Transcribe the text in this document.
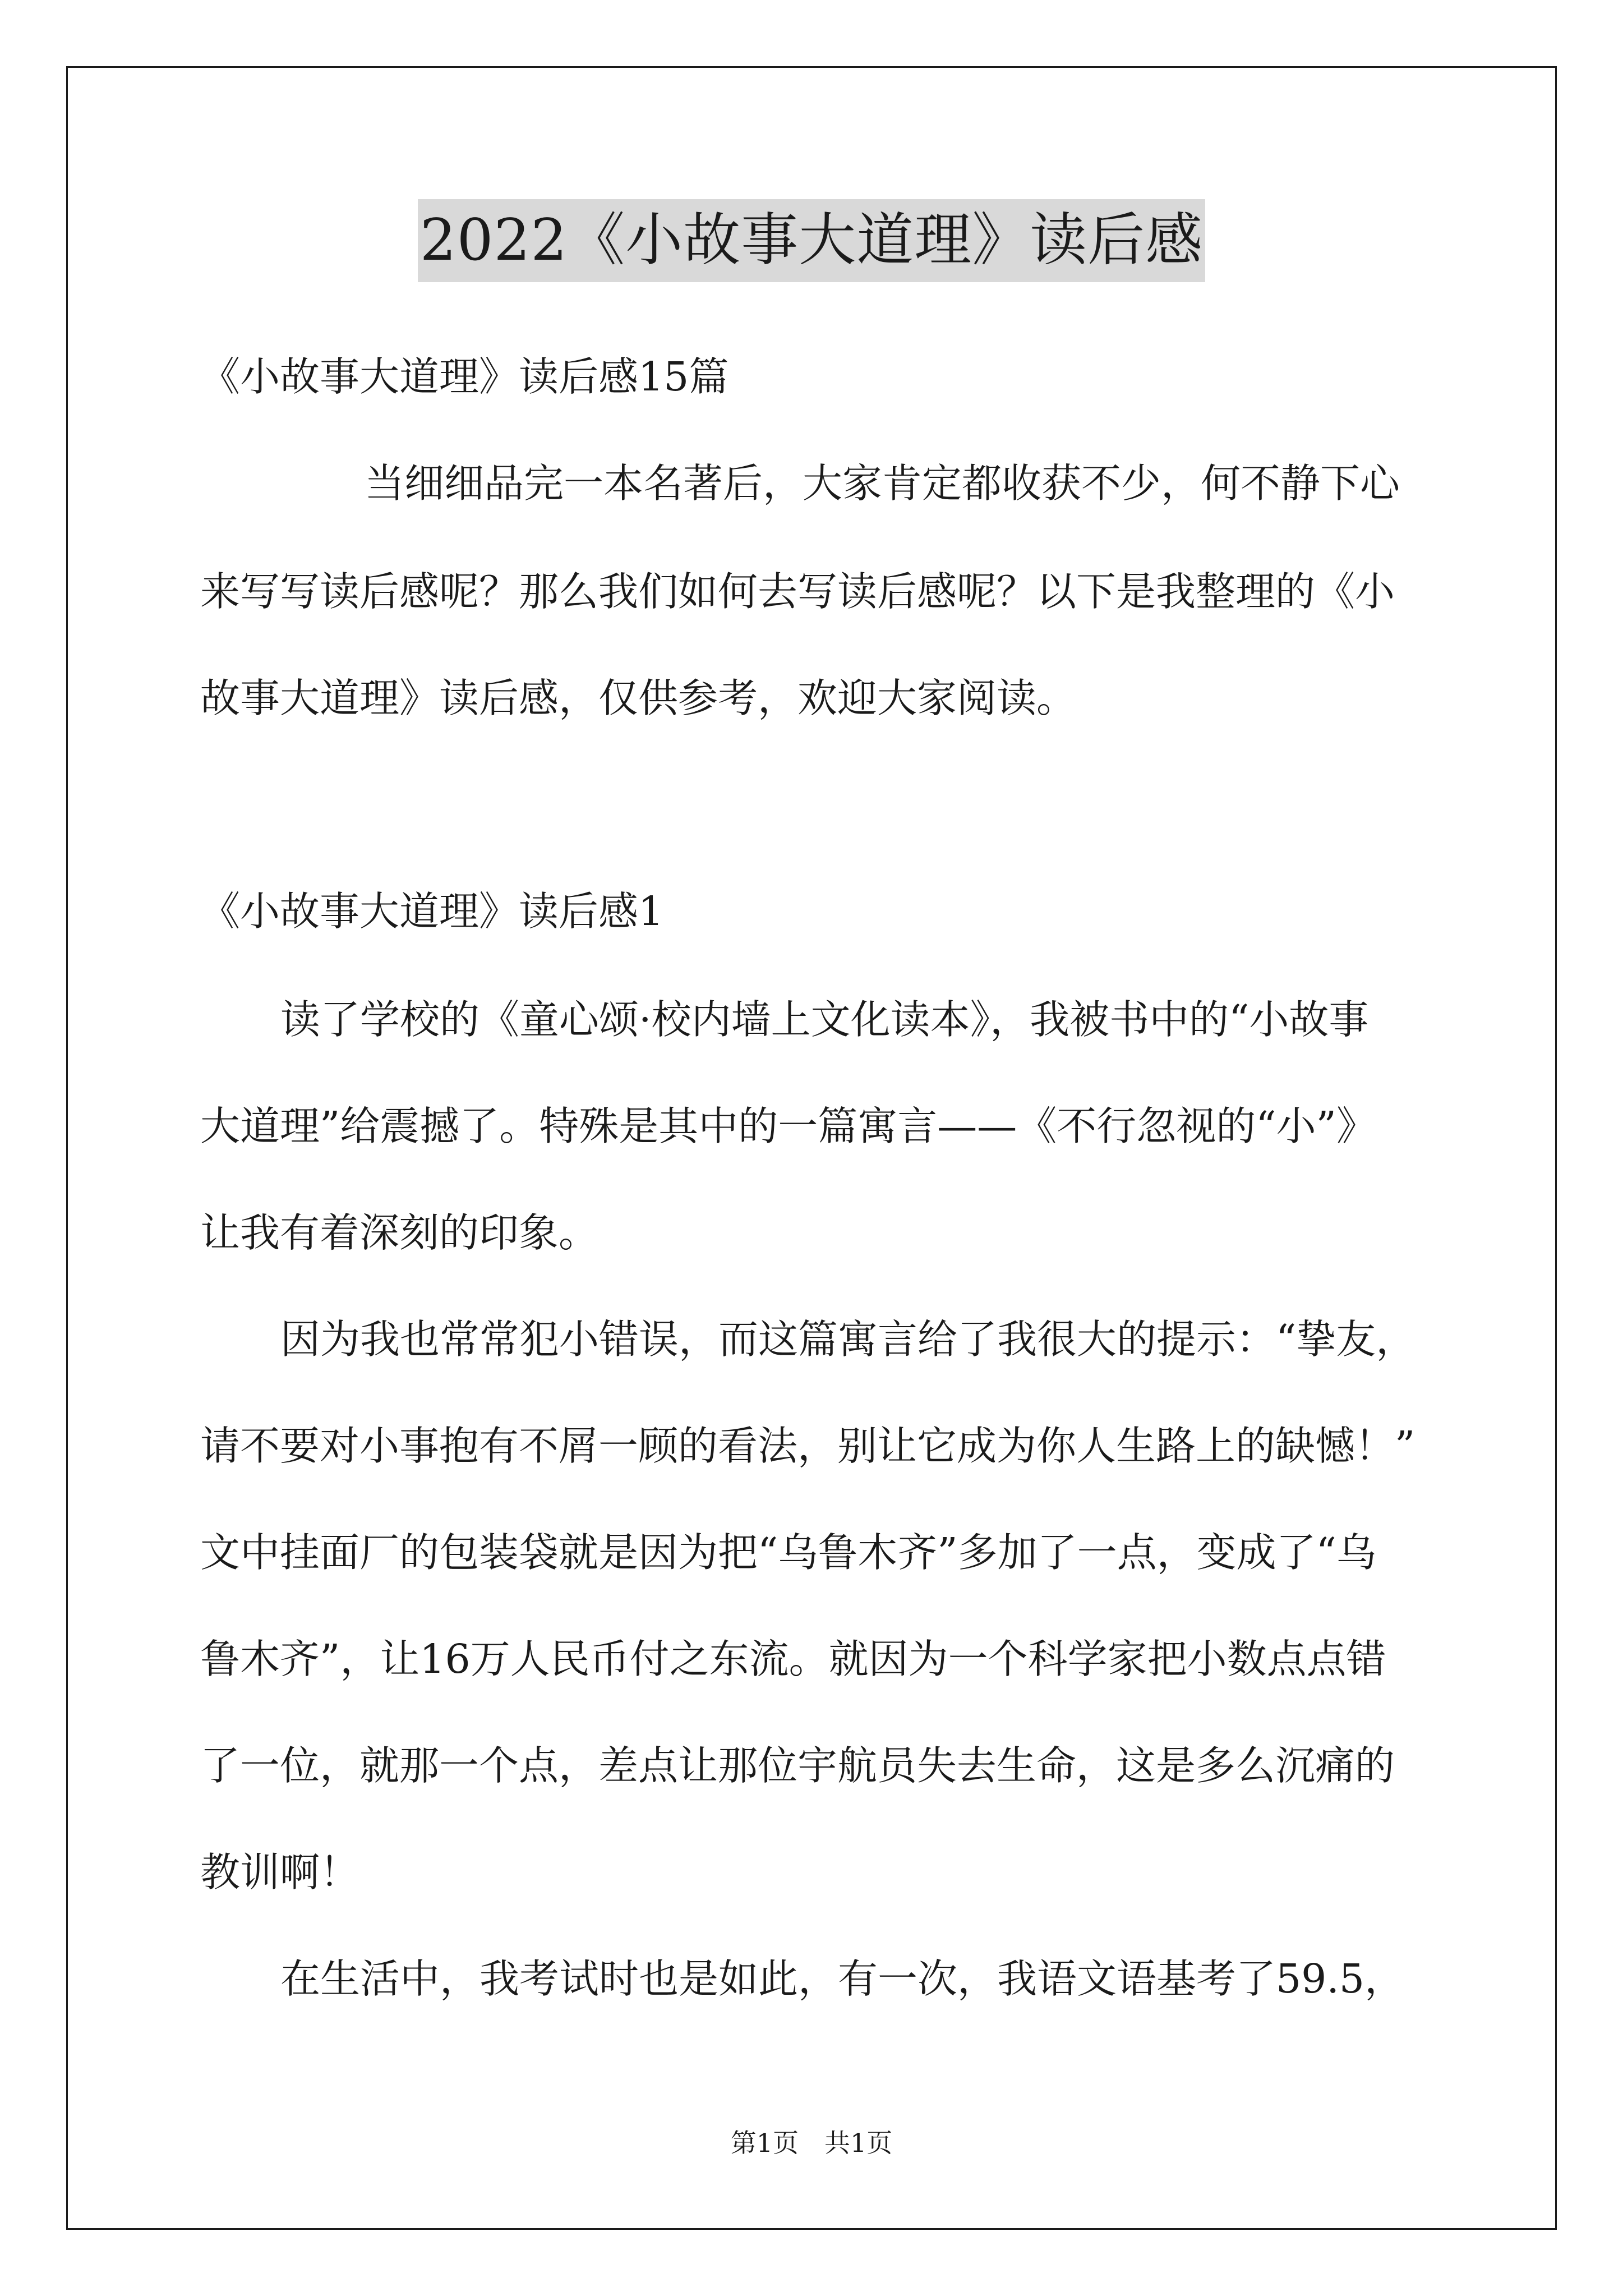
2022《小故事大道理》读后感
《小故事大道理》读后感15篇
当细细品完一本名著后，大家肯定都收获不少，何不静下心
来写写读后感呢？那么我们如何去写读后感呢？以下是我整理的《小
故事大道理》读后感，仅供参考，欢迎大家阅读。
《小故事大道理》读后感1
读了学校的《童心颂·校内墙上文化读本》，我被书中的“小故事
大道理”给震撼了。特殊是其中的一篇寓言——《不行忽视的“小”》
让我有着深刻的印象。
因为我也常常犯小错误，而这篇寓言给了我很大的提示：“挚友，
请不要对小事抱有不屑一顾的看法，别让它成为你人生路上的缺憾！”
文中挂面厂的包装袋就是因为把“乌鲁木齐”多加了一点，变成了“乌
鲁木齐”，让16万人民币付之东流。就因为一个科学家把小数点点错
了一位，就那一个点，差点让那位宇航员失去生命，这是多么沉痛的
教训啊！
在生活中，我考试时也是如此，有一次，我语文语基考了59.5，
第1页　共1页
